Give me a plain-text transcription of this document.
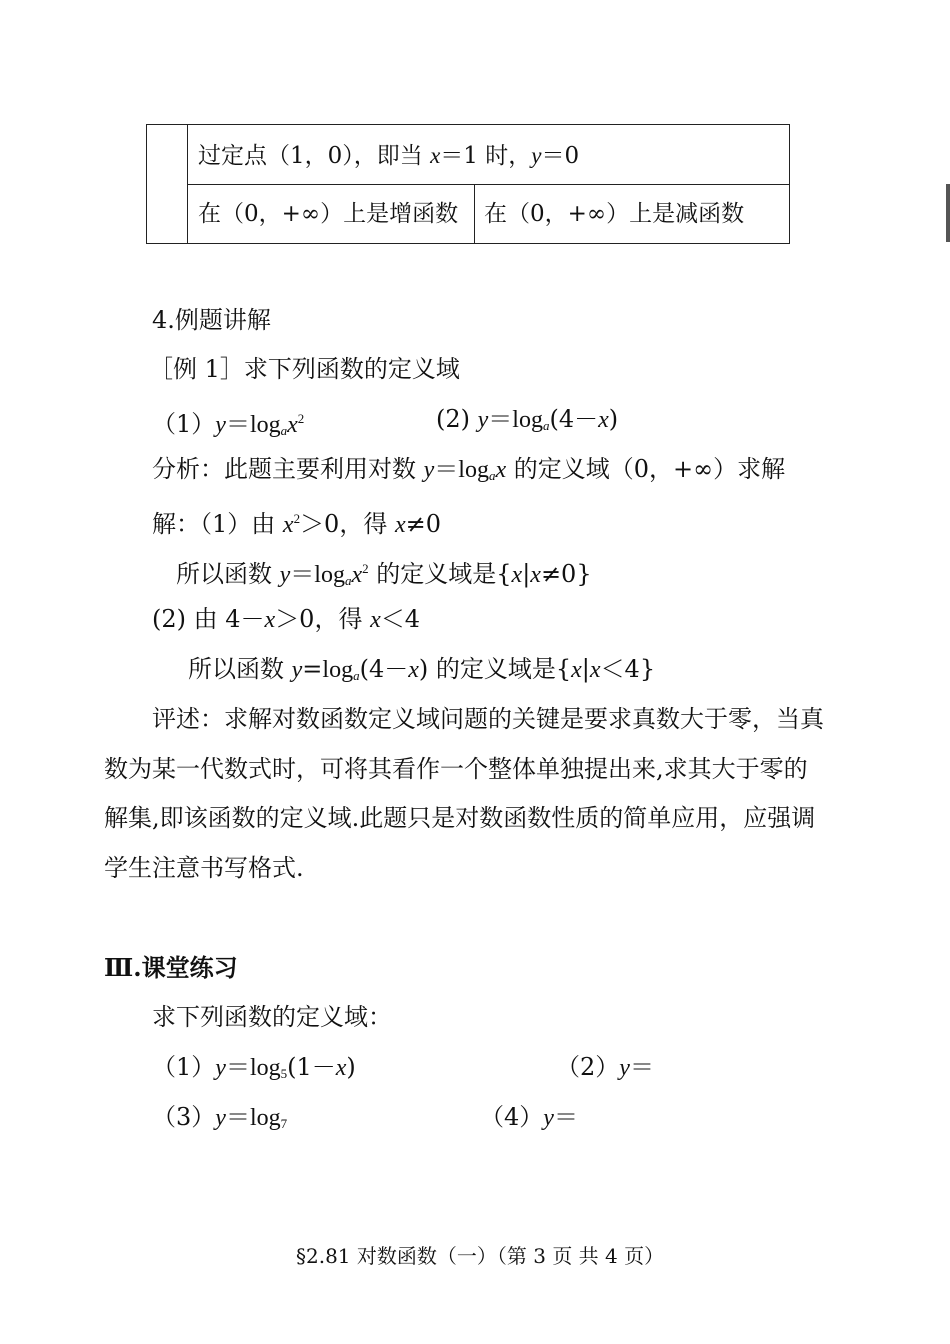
过定点（1，0），即当 x＝1 时，y＝0
在（0，+∞）上是增函数 在（0，+∞）上是减函数
4.例题讲解
［例 1］求下列函数的定义域
$(1)y=\log_ax^2$	(2) $y=\log_a(4-x)$
分析：此题主要利用对数 $y=\log_ax$ 的定义域（0，+∞）求解
解：（1）由 $x^2>0$，得 x≠0
所以函数 $y=\log_ax^2$ 的定义域是{x|x≠0}
(2) 由 4－x＞0，得 x＜4
所以函数 $y=\log_a(4-x)$ 的定义域是{x|x＜4}
评述：求解对数函数定义域问题的关键是要求真数大于零，当真
数为某一代数式时，可将其看作一个整体单独提出来,求其大于零的
解集,即该函数的定义域.此题只是对数函数性质的简单应用，应强调
学生注意书写格式.
Ⅲ.课堂练习
求下列函数的定义域：
$(1)y=\log_5(1-x)$	（2）y＝
$(3)y=\log_7$	（4）y＝
§2.81 对数函数（一）（第 3 页 共 4 页）
